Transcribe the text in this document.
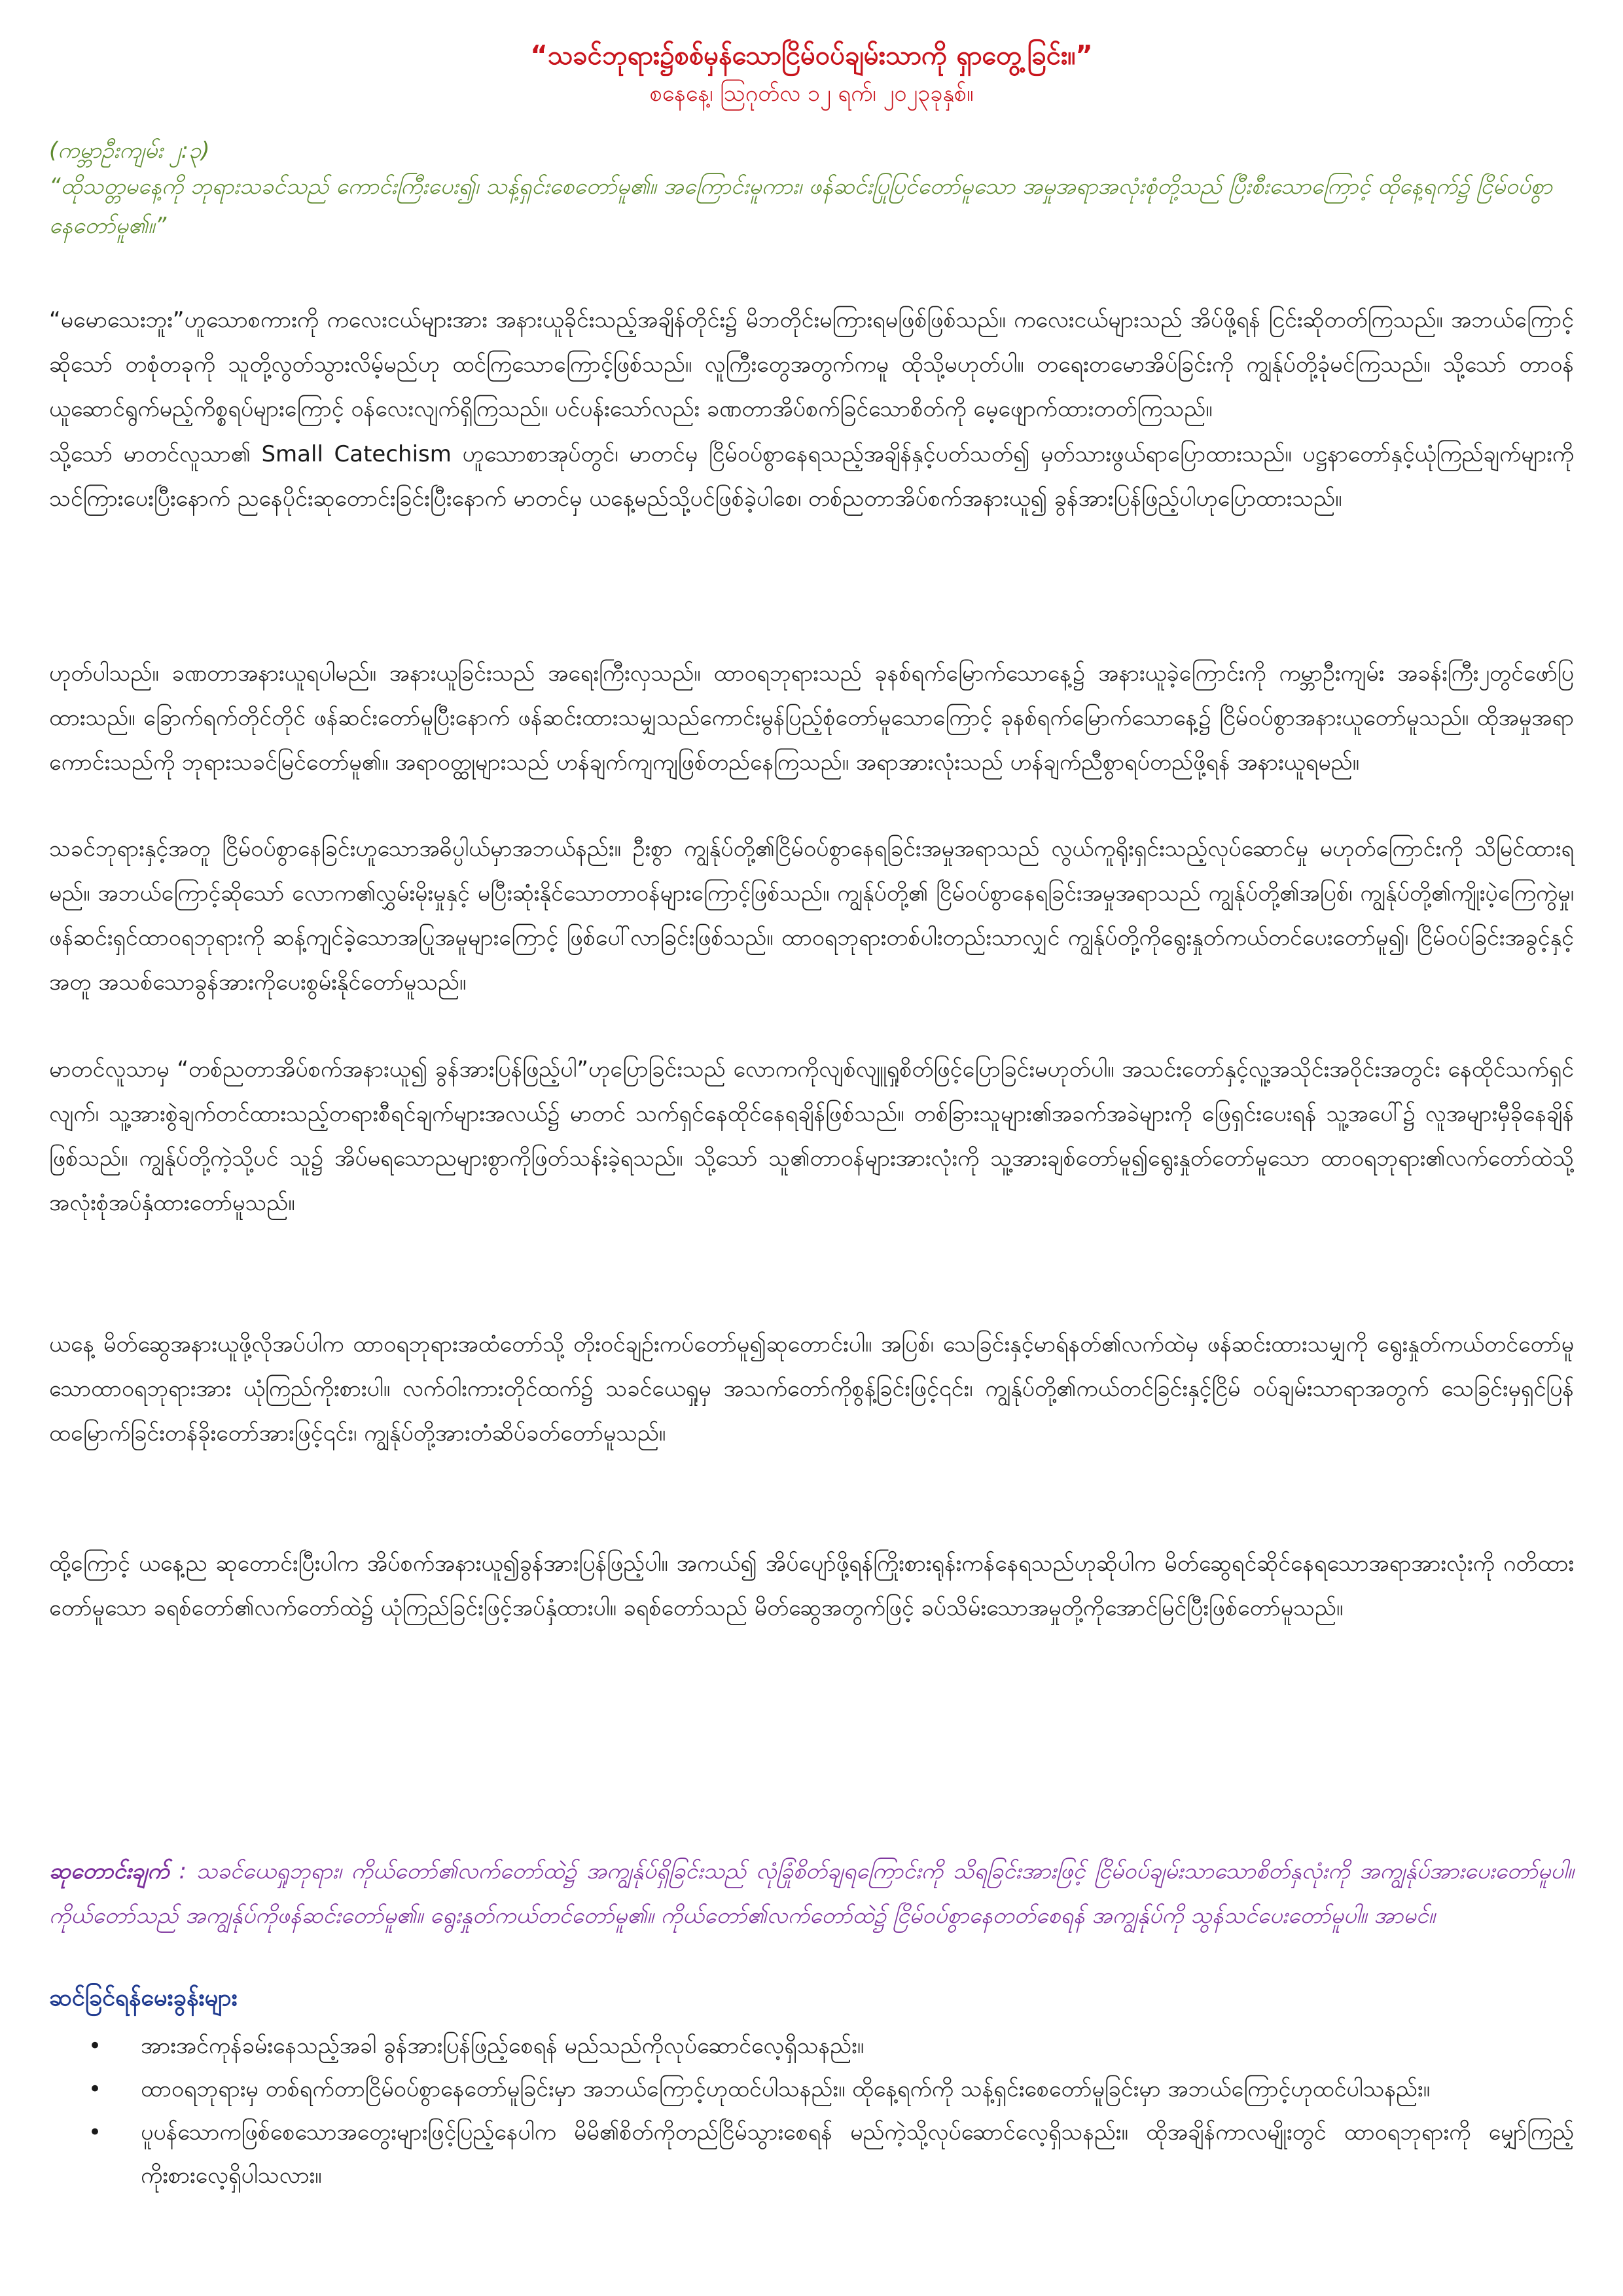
“သခင်ဘုရား၌စစ်မှန်သောငြိမ်ဝပ်ချမ်းသာကို ရှာတွေ့ခြင်း။”

စနေနေ့၊ ဩဂုတ်လ ၁၂ ရက်၊ ၂၀၂၃ခုနှစ်။

(ကမ္ဘာဦးကျမ်း ၂:၃)

“ထိုသတ္တမနေ့ကို ဘုရားသခင်သည် ကောင်းကြီးပေး၍၊ သန့်ရှင်းစေတော်မူ၏။ အကြောင်းမူကား၊ ဖန်ဆင်းပြုပြင်တော်မူသော အမှုအရာအလုံးစုံတို့သည် ပြီးစီးသောကြောင့် ထိုနေ့ရက်၌ ငြိမ်ဝပ်စွာနေတော်မူ၏။”

“မမောသေးဘူး”ဟူသောစကားကို ကလေးငယ်များအား အနားယူခိုင်းသည့်အချိန်တိုင်း၌ မိဘတိုင်းမကြားရမဖြစ်ဖြစ်သည်။ ကလေးငယ်များသည် အိပ်ဖို့ရန် ငြင်းဆိုတတ်ကြသည်။ အဘယ်ကြောင့်ဆိုသော် တစုံတခုကို သူတို့လွတ်သွားလိမ့်မည်ဟု ထင်ကြသောကြောင့်ဖြစ်သည်။ လူကြီးတွေအတွက်ကမူ ထိုသို့မဟုတ်ပါ။ တရေးတမောအိပ်ခြင်းကို ကျွန်ုပ်တို့ခုံမင်ကြသည်။ သို့သော် တာဝန်ယူဆောင်ရွက်မည့်ကိစ္စရပ်များကြောင့် ဝန်လေးလျက်ရှိကြသည်။ ပင်ပန်းသော်လည်း ခဏတာအိပ်စက်ခြင်သောစိတ်ကို မေ့ဖျောက်ထားတတ်ကြသည်။

သို့သော် မာတင်လူသာ၏ Small Catechism ဟူသောစာအုပ်တွင်၊ မာတင်မှ ငြိမ်ဝပ်စွာနေရသည့်အချိန်နှင့်ပတ်သတ်၍ မှတ်သားဖွယ်ရာပြောထားသည်။ ပဋ္ဌနာတော်နှင့်ယုံကြည်ချက်များကို သင်ကြားပေးပြီးနောက် ညနေပိုင်းဆုတောင်းခြင်းပြီးနောက် မာတင်မှ ယနေ့မည်သို့ပင်ဖြစ်ခဲ့ပါစေ၊ တစ်ညတာအိပ်စက်အနားယူ၍ ခွန်အားပြန်ဖြည့်ပါဟုပြောထားသည်။

ဟုတ်ပါသည်။ ခဏတာအနားယူရပါမည်။ အနားယူခြင်းသည် အရေးကြီးလှသည်။ ထာဝရဘုရားသည် ခုနစ်ရက်မြောက်သောနေ့၌ အနားယူခဲ့ကြောင်းကို ကမ္ဘာဦးကျမ်း အခန်းကြီး၂တွင်ဖော်ပြထားသည်။ ခြောက်ရက်တိုင်တိုင် ဖန်ဆင်းတော်မူပြီးနောက် ဖန်ဆင်းထားသမျှသည်ကောင်းမွန်ပြည့်စုံတော်မူသောကြောင့် ခုနစ်ရက်မြောက်သောနေ့၌ ငြိမ်ဝပ်စွာအနားယူတော်မူသည်။ ထိုအမှုအရာကောင်းသည်ကို ဘုရားသခင်မြင်တော်မူ၏။ အရာဝတ္ထုများသည် ဟန်ချက်ကျကျဖြစ်တည်နေကြသည်။ အရာအားလုံးသည် ဟန်ချက်ညီစွာရပ်တည်ဖို့ရန် အနားယူရမည်။

သခင်ဘုရားနှင့်အတူ ငြိမ်ဝပ်စွာနေခြင်းဟူသောအဓိပ္ပါယ်မှာအဘယ်နည်း။ ဦးစွာ ကျွန်ုပ်တို့၏ငြိမ်ဝပ်စွာနေရခြင်းအမှုအရာသည် လွယ်ကူရိုးရှင်းသည့်လုပ်ဆောင်မှု မဟုတ်ကြောင်းကို သိမြင်ထားရမည်။ အဘယ်ကြောင့်ဆိုသော် လောက၏လွှမ်းမိုးမှုနှင့် မပြီးဆုံးနိုင်သောတာဝန်များကြောင့်ဖြစ်သည်။ ကျွန်ုပ်တို့၏ ငြိမ်ဝပ်စွာနေရခြင်းအမှုအရာသည် ကျွန်ုပ်တို့၏အပြစ်၊ ကျွန်ုပ်တို့၏ကျိုးပဲ့ကြေကွဲမှု၊ ဖန်ဆင်းရှင်ထာဝရဘုရားကို ဆန့်ကျင်ခဲ့သောအပြုအမူများကြောင့် ဖြစ်ပေါ်လာခြင်းဖြစ်သည်။ ထာဝရဘုရားတစ်ပါးတည်းသာလျှင် ကျွန်ုပ်တို့ကိုရွေးနှုတ်ကယ်တင်ပေးတော်မူ၍၊ ငြိမ်ဝပ်ခြင်းအခွင့်နှင့်အတူ အသစ်သောခွန်အားကိုပေးစွမ်းနိုင်တော်မူသည်။

မာတင်လူသာမှ “တစ်ညတာအိပ်စက်အနားယူ၍ ခွန်အားပြန်ဖြည့်ပါ”ဟုပြောခြင်းသည် လောကကိုလျစ်လျူရှုစိတ်ဖြင့်ပြောခြင်းမဟုတ်ပါ။ အသင်းတော်နှင့်လူ့အသိုင်းအဝိုင်းအတွင်း နေထိုင်သက်ရှင်လျက်၊ သူ့အားစွဲချက်တင်ထားသည့်တရားစီရင်ချက်များအလယ်၌ မာတင် သက်ရှင်နေထိုင်နေရချိန်ဖြစ်သည်။ တစ်ခြားသူများ၏အခက်အခဲများကို ဖြေရှင်းပေးရန် သူ့အပေါ်၌ လူအများမှီခိုနေချိန်ဖြစ်သည်။ ကျွန်ုပ်တို့ကဲ့သို့ပင် သူ၌ အိပ်မရသောညများစွာကိုဖြတ်သန်းခဲ့ရသည်။ သို့သော် သူ၏တာဝန်များအားလုံးကို သူ့အားချစ်တော်မူ၍ရွေးနှုတ်တော်မူသော ထာဝရဘုရား၏လက်တော်ထဲသို့ အလုံးစုံအပ်နှံထားတော်မူသည်။

ယနေ့ မိတ်ဆွေအနားယူဖို့လိုအပ်ပါက ထာဝရဘုရားအထံတော်သို့ တိုးဝင်ချဉ်းကပ်တော်မူ၍ဆုတောင်းပါ။ အပြစ်၊ သေခြင်းနှင့်မာရ်နတ်၏လက်ထဲမှ ဖန်ဆင်းထားသမျှကို ရွေးနှုတ်ကယ်တင်တော်မူသောထာဝရဘုရားအား ယုံကြည်ကိုးစားပါ။ လက်ဝါးကားတိုင်ထက်၌ သခင်ယေရှုမှ အသက်တော်ကိုစွန့်ခြင်းဖြင့်၎င်း၊ ကျွန်ုပ်တို့၏ကယ်တင်ခြင်းနှင့်ငြိမ် ဝပ်ချမ်းသာရာအတွက် သေခြင်းမှရှင်ပြန်ထမြောက်ခြင်းတန်ခိုးတော်အားဖြင့်၎င်း၊ ကျွန်ုပ်တို့အားတံဆိပ်ခတ်တော်မူသည်။

ထို့ကြောင့် ယနေ့ည ဆုတောင်းပြီးပါက အိပ်စက်အနားယူ၍ခွန်အားပြန်ဖြည့်ပါ။ အကယ်၍ အိပ်ပျော်ဖို့ရန်ကြိုးစားရုန်းကန်နေရသည်ဟုဆိုပါက မိတ်ဆွေရင်ဆိုင်နေရသောအရာအားလုံးကို ဂတိထားတော်မူသော ခရစ်တော်၏လက်တော်ထဲ၌ ယုံကြည်ခြင်းဖြင့်အပ်နှံထားပါ။ ခရစ်တော်သည် မိတ်ဆွေအတွက်ဖြင့် ခပ်သိမ်းသောအမှုတို့ကိုအောင်မြင်ပြီးဖြစ်တော်မူသည်။

ဆုတောင်းချက် : သခင်ယေရှုဘုရား၊ ကိုယ်တော်၏လက်တော်ထဲ၌ အကျွန်ုပ်ရှိခြင်းသည် လုံခြုံစိတ်ချရကြောင်းကို သိရခြင်းအားဖြင့် ငြိမ်ဝပ်ချမ်းသာသောစိတ်နှလုံးကို အကျွန်ုပ်အားပေးတော်မူပါ။ ကိုယ်တော်သည် အကျွန်ုပ်ကိုဖန်ဆင်းတော်မူ၏။ ရွေးနှုတ်ကယ်တင်တော်မူ၏။ ကိုယ်တော်၏လက်တော်ထဲ၌ ငြိမ်ဝပ်စွာနေတတ်စေရန် အကျွန်ုပ်ကို သွန်သင်ပေးတော်မူပါ။ အာမင်။

ဆင်ခြင်ရန်မေးခွန်းများ

• အားအင်ကုန်ခမ်းနေသည့်အခါ ခွန်အားပြန်ဖြည့်စေရန် မည်သည်ကိုလုပ်ဆောင်လေ့ရှိသနည်း။
• ထာဝရဘုရားမှ တစ်ရက်တာငြိမ်ဝပ်စွာနေတော်မူခြင်းမှာ အဘယ်ကြောင့်ဟုထင်ပါသနည်း။ ထိုနေ့ရက်ကို သန့်ရှင်းစေတော်မူခြင်းမှာ အဘယ်ကြောင့်ဟုထင်ပါသနည်း။
• ပူပန်သောကဖြစ်စေသောအတွေးများဖြင့်ပြည့်နေပါက မိမိ၏စိတ်ကိုတည်ငြိမ်သွားစေရန် မည်ကဲ့သို့လုပ်ဆောင်လေ့ရှိသနည်း။ ထိုအချိန်ကာလမျိုးတွင် ထာဝရဘုရားကို မျှော်ကြည့်ကိုးစားလေ့ရှိပါသလား။
